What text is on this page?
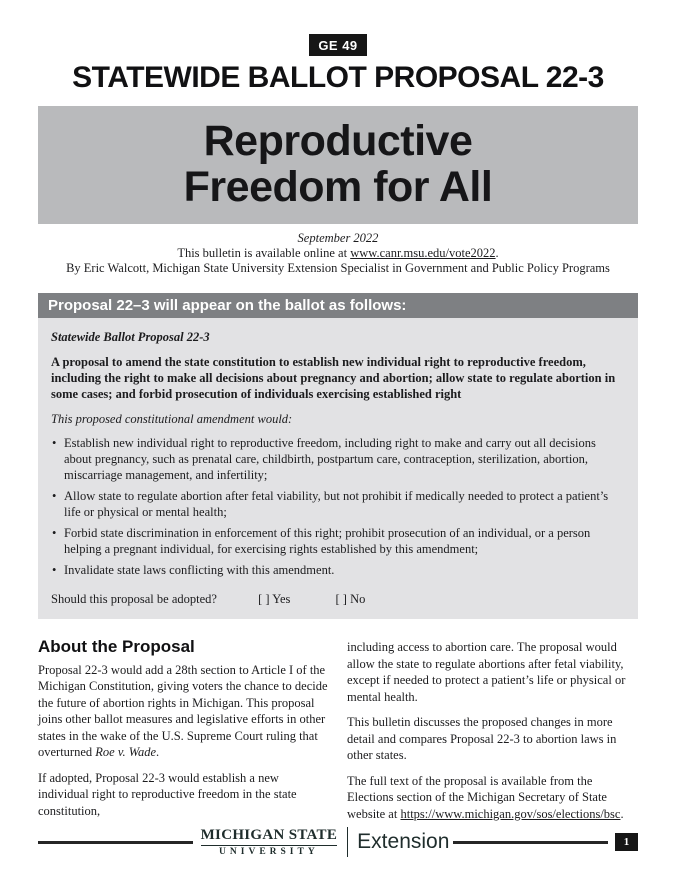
GE 49
STATEWIDE BALLOT PROPOSAL 22-3
Reproductive
Freedom for All
September 2022
This bulletin is available online at www.canr.msu.edu/vote2022.
By Eric Walcott, Michigan State University Extension Specialist in Government and Public Policy Programs
Proposal 22–3 will appear on the ballot as follows:
Statewide Ballot Proposal 22-3
A proposal to amend the state constitution to establish new individual right to reproductive freedom, including the right to make all decisions about pregnancy and abortion; allow state to regulate abortion in some cases; and forbid prosecution of individuals exercising established right
This proposed constitutional amendment would:
• Establish new individual right to reproductive freedom, including right to make and carry out all decisions about pregnancy, such as prenatal care, childbirth, postpartum care, contraception, sterilization, abortion, miscarriage management, and infertility;
• Allow state to regulate abortion after fetal viability, but not prohibit if medically needed to protect a patient’s life or physical or mental health;
• Forbid state discrimination in enforcement of this right; prohibit prosecution of an individual, or a person helping a pregnant individual, for exercising rights established by this amendment;
• Invalidate state laws conflicting with this amendment.
Should this proposal be adopted?	[ ] Yes	[ ] No
About the Proposal

Proposal 22-3 would add a 28th section to Article I of the Michigan Constitution, giving voters the chance to decide the future of abortion rights in Michigan. This proposal joins other ballot measures and legislative efforts in other states in the wake of the U.S. Supreme Court ruling that overturned Roe v. Wade.

If adopted, Proposal 22-3 would establish a new individual right to reproductive freedom in the state constitution,

including access to abortion care. The proposal would allow the state to regulate abortions after fetal viability, except if needed to protect a patient’s life or physical or mental health.

This bulletin discusses the proposed changes in more detail and compares Proposal 22-3 to abortion laws in other states.

The full text of the proposal is available from the Elections section of the Michigan Secretary of State website at https://www.michigan.gov/sos/elections/bsc.

MICHIGAN STATE
UNIVERSITY	Extension	1
